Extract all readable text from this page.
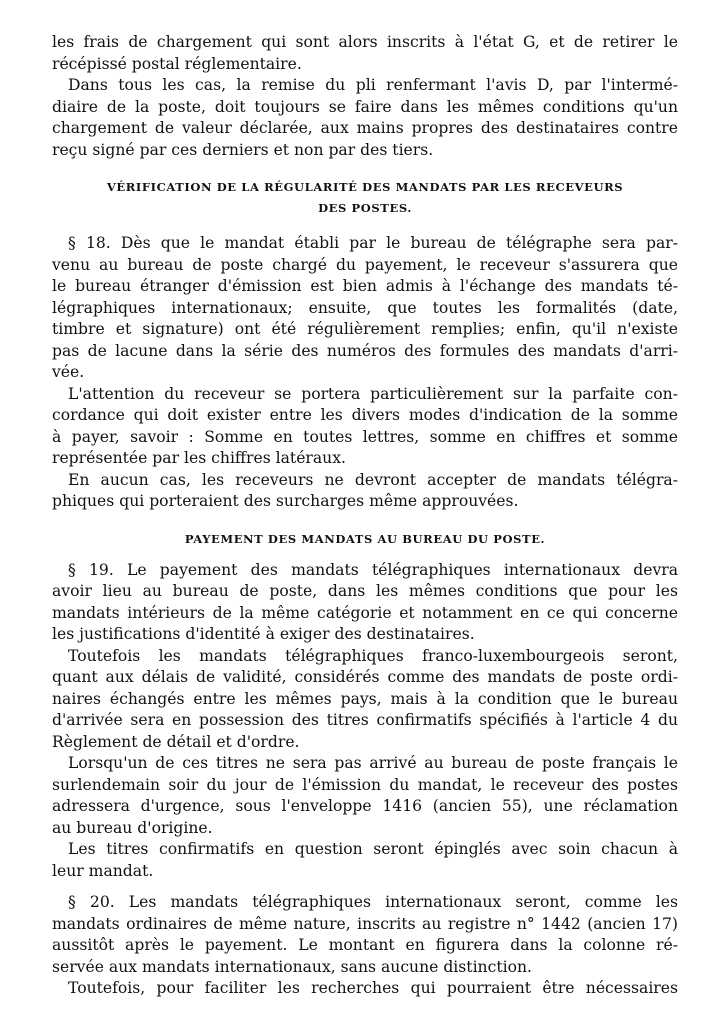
les frais de chargement qui sont alors inscrits à l'état G, et de retirer le
récépissé postal réglementaire.
Dans tous les cas, la remise du pli renfermant l'avis D, par l'intermé-
diaire de la poste, doit toujours se faire dans les mêmes conditions qu'un
chargement de valeur déclarée, aux mains propres des destinataires contre
reçu signé par ces derniers et non par des tiers.
VÉRIFICATION DE LA RÉGULARITÉ DES MANDATS PAR LES RECEVEURS
DES POSTES.
§ 18. Dès que le mandat établi par le bureau de télégraphe sera par-
venu au bureau de poste chargé du payement, le receveur s'assurera que
le bureau étranger d'émission est bien admis à l'échange des mandats té-
légraphiques internationaux; ensuite, que toutes les formalités (date,
timbre et signature) ont été régulièrement remplies; enfin, qu'il n'existe
pas de lacune dans la série des numéros des formules des mandats d'arri-
vée.
L'attention du receveur se portera particulièrement sur la parfaite con-
cordance qui doit exister entre les divers modes d'indication de la somme
à payer, savoir : Somme en toutes lettres, somme en chiffres et somme
représentée par les chiffres latéraux.
En aucun cas, les receveurs ne devront accepter de mandats télégra-
phiques qui porteraient des surcharges même approuvées.
PAYEMENT DES MANDATS AU BUREAU DU POSTE.
§ 19. Le payement des mandats télégraphiques internationaux devra
avoir lieu au bureau de poste, dans les mêmes conditions que pour les
mandats intérieurs de la même catégorie et notamment en ce qui concerne
les justifications d'identité à exiger des destinataires.
Toutefois les mandats télégraphiques franco-luxembourgeois seront,
quant aux délais de validité, considérés comme des mandats de poste ordi-
naires échangés entre les mêmes pays, mais à la condition que le bureau
d'arrivée sera en possession des titres confirmatifs spécifiés à l'article 4 du
Règlement de détail et d'ordre.
Lorsqu'un de ces titres ne sera pas arrivé au bureau de poste français le
surlendemain soir du jour de l'émission du mandat, le receveur des postes
adressera d'urgence, sous l'enveloppe 1416 (ancien 55), une réclamation
au bureau d'origine.
Les titres confirmatifs en question seront épinglés avec soin chacun à
leur mandat.
§ 20. Les mandats télégraphiques internationaux seront, comme les
mandats ordinaires de même nature, inscrits au registre n° 1442 (ancien 17)
aussitôt après le payement. Le montant en figurera dans la colonne ré-
servée aux mandats internationaux, sans aucune distinction.
Toutefois, pour faciliter les recherches qui pourraient être nécessaires
